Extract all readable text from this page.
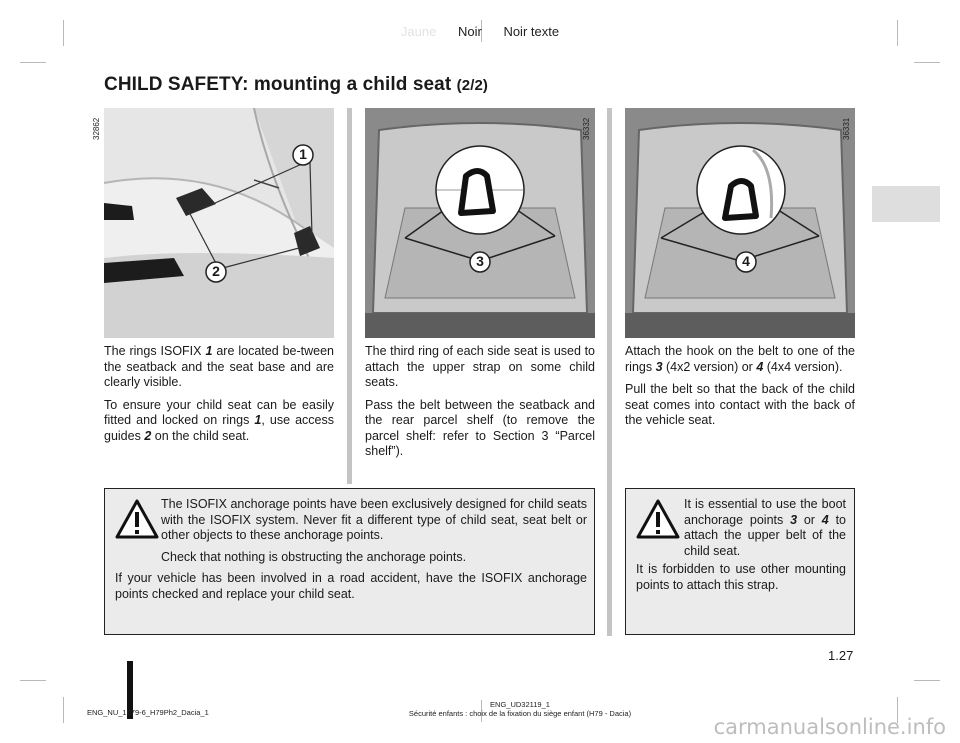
Jaune Noir Noir texte
CHILD SAFETY: mounting a child seat (2/2)
1
2
32862
3
36332
4
36331

The rings ISOFIX 1 are located be-tween the seatback and the seat base and are clearly visible.

To ensure your child seat can be easily fitted and locked on rings 1, use access guides 2 on the child seat.

The third ring of each side seat is used to attach the upper strap on some child seats.

Pass the belt between the seatback and the rear parcel shelf (to remove the parcel shelf: refer to Section 3 “Parcel shelf”).

Attach the hook on the belt to one of the rings 3 (4x2 version) or 4 (4x4 version).

Pull the belt so that the back of the child seat comes into contact with the back of the vehicle seat.

The ISOFIX anchorage points have been exclusively designed for child seats with the ISOFIX system. Never fit a different type of child seat, seat belt or other objects to these anchorage points.

Check that nothing is obstructing the anchorage points.

If your vehicle has been involved in a road accident, have the ISOFIX anchorage points checked and replace your child seat.
It is essential to use the boot anchorage points 3 or 4 to attach the upper belt of the child seat.
It is forbidden to use other mounting points to attach this strap.
1.27
ENG_NU_1079-6_H79Ph2_Dacia_1
ENG_UD32119_1
Sécurité enfants : choix de la fixation du siège enfant (H79 - Dacia)
carmanualsonline.info
